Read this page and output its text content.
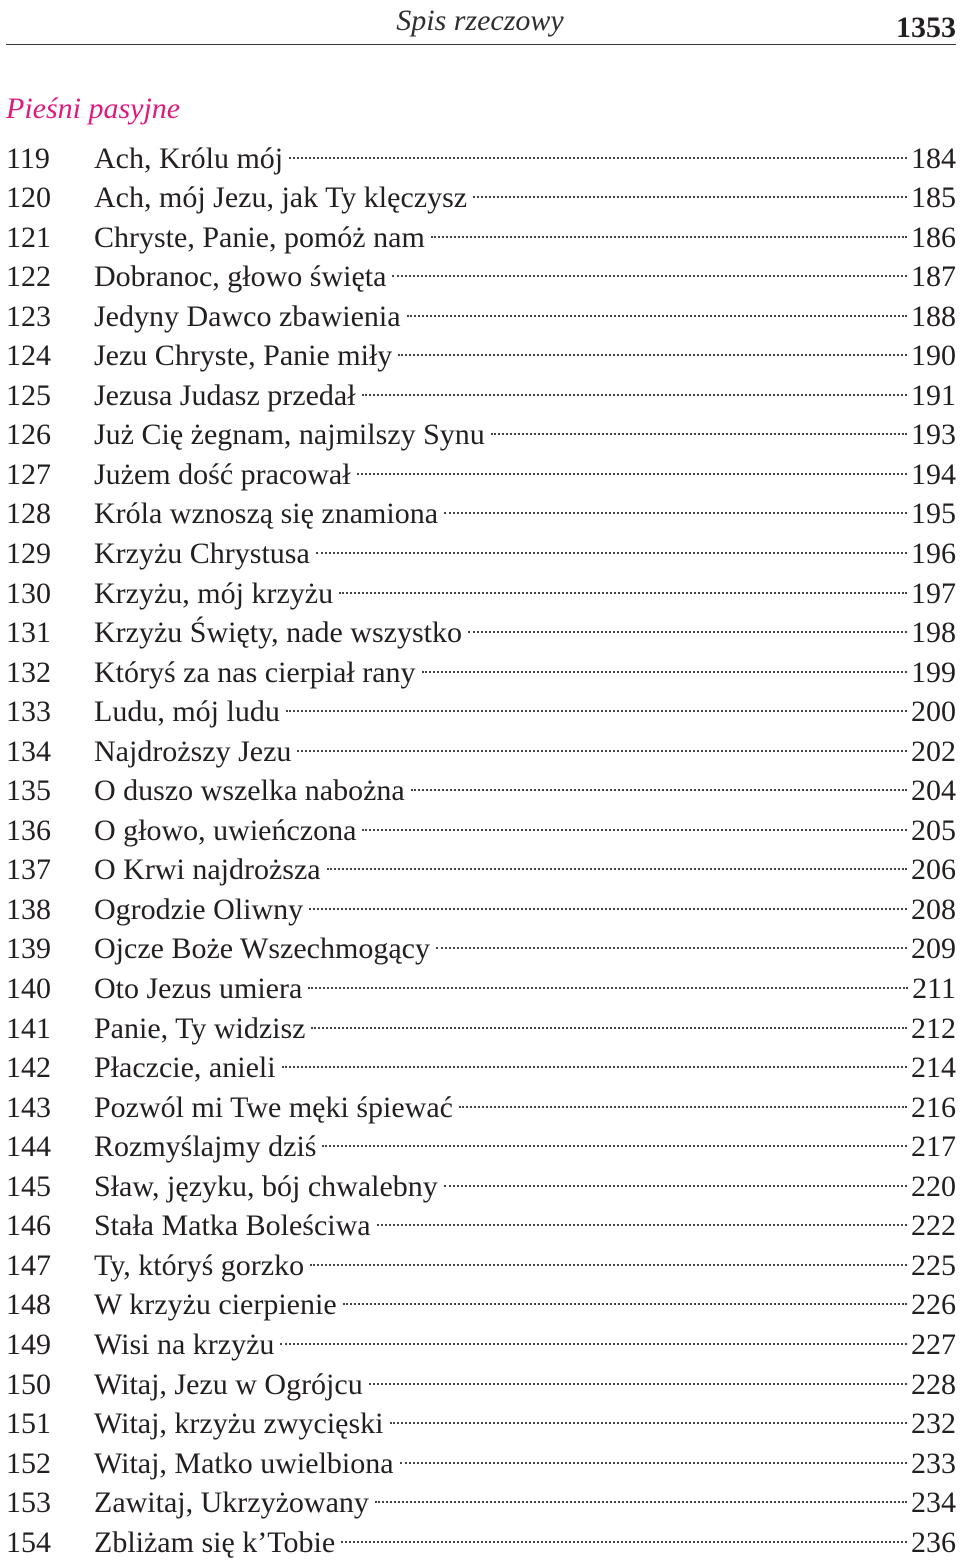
Spis rzeczowy	1353
Pieśni pasyjne
119	Ach, Królu mój	184
120	Ach, mój Jezu, jak Ty klęczysz	185
121	Chryste, Panie, pomóż nam	186
122	Dobranoc, głowo święta	187
123	Jedyny Dawco zbawienia	188
124	Jezu Chryste, Panie miły	190
125	Jezusa Judasz przedał	191
126	Już Cię żegnam, najmilszy Synu	193
127	Jużem dość pracował	194
128	Króla wznoszą się znamiona	195
129	Krzyżu Chrystusa	196
130	Krzyżu, mój krzyżu	197
131	Krzyżu Święty, nade wszystko	198
132	Któryś za nas cierpiał rany	199
133	Ludu, mój ludu	200
134	Najdroższy Jezu	202
135	O duszo wszelka nabożna	204
136	O głowo, uwieńczona	205
137	O Krwi najdroższa	206
138	Ogrodzie Oliwny	208
139	Ojcze Boże Wszechmogący	209
140	Oto Jezus umiera	211
141	Panie, Ty widzisz	212
142	Płaczcie, anieli	214
143	Pozwól mi Twe męki śpiewać	216
144	Rozmyślajmy dziś	217
145	Sław, języku, bój chwalebny	220
146	Stała Matka Boleściwa	222
147	Ty, któryś gorzko	225
148	W krzyżu cierpienie	226
149	Wisi na krzyżu	227
150	Witaj, Jezu w Ogrójcu	228
151	Witaj, krzyżu zwycięski	232
152	Witaj, Matko uwielbiona	233
153	Zawitaj, Ukrzyżowany	234
154	Zbliżam się k’Tobie	236
